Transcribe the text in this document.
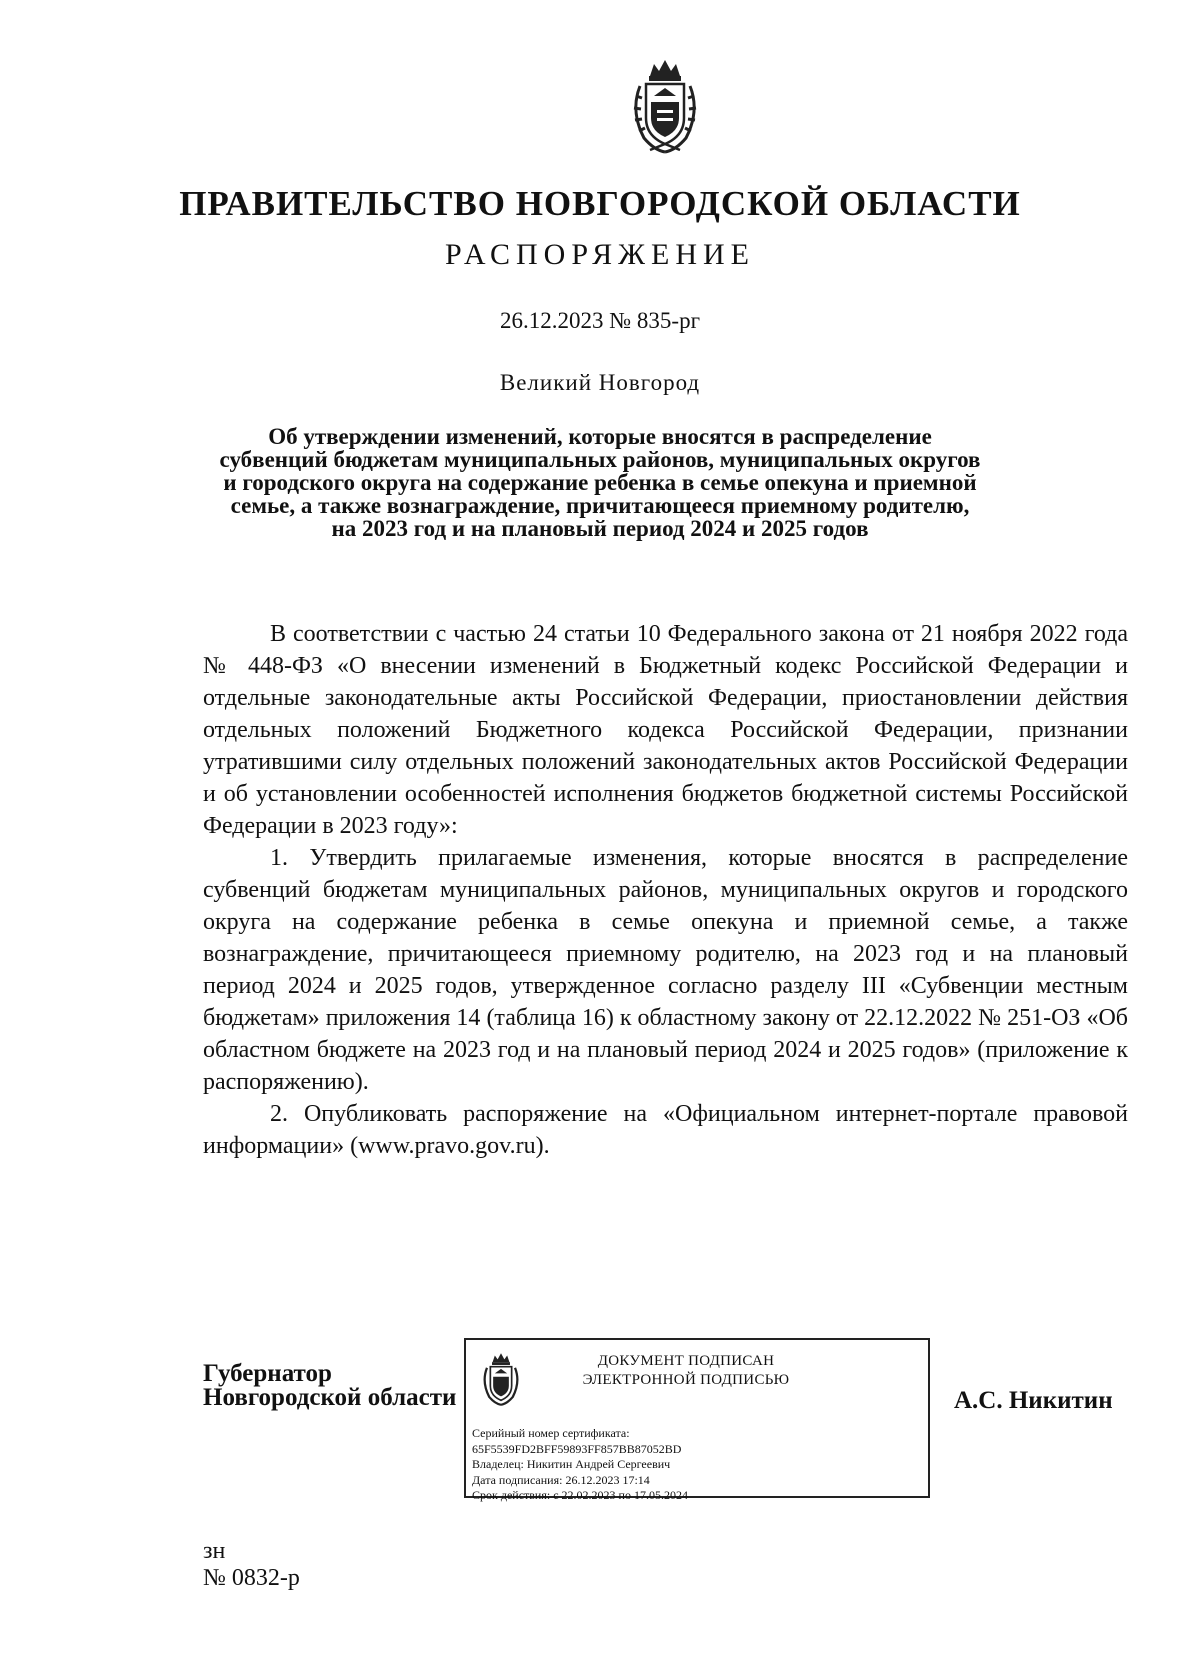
ПРАВИТЕЛЬСТВО НОВГОРОДСКОЙ ОБЛАСТИ
РАСПОРЯЖЕНИЕ
26.12.2023 № 835-рг
Великий Новгород
Об утверждении изменений, которые вносятся в распределение
субвенций бюджетам муниципальных районов, муниципальных округов
и городского округа на содержание ребенка в семье опекуна и приемной
семье, а также вознаграждение, причитающееся приемному родителю,
на 2023 год и на плановый период 2024 и 2025 годов

В соответствии с частью 24 статьи 10 Федерального закона от 21 ноября 2022 года № 448-ФЗ «О внесении изменений в Бюджетный кодекс Российской Федерации и отдельные законодательные акты Российской Федерации, приостановлении действия отдельных положений Бюджетного кодекса Российской Федерации, признании утратившими силу отдельных положений законодательных актов Российской Федерации и об установлении особенностей исполнения бюджетов бюджетной системы Российской Федерации в 2023 году»:

1. Утвердить прилагаемые изменения, которые вносятся в распределение субвенций бюджетам муниципальных районов, муниципальных округов и городского округа на содержание ребенка в семье опекуна и приемной семье, а также вознаграждение, причитающееся приемному родителю, на 2023 год и на плановый период 2024 и 2025 годов, утвержденное согласно разделу III «Субвенции местным бюджетам» приложения 14 (таблица 16) к областному закону от 22.12.2022 № 251-ОЗ «Об областном бюджете на 2023 год и на плановый период 2024 и 2025 годов» (приложение к распоряжению).

2. Опубликовать распоряжение на «Официальном интернет-портале правовой информации» (www.pravo.gov.ru).

Губернатор
Новгородской области
ДОКУМЕНТ ПОДПИСАН
ЭЛЕКТРОННОЙ ПОДПИСЬЮ
Серийный номер сертификата:
65F5539FD2BFF59893FF857BB87052BD
Владелец: Никитин Андрей Сергеевич
Дата подписания: 26.12.2023 17:14
Срок действия: с 22.02.2023 по 17.05.2024
А.С. Никитин
зн
№ 0832-р
